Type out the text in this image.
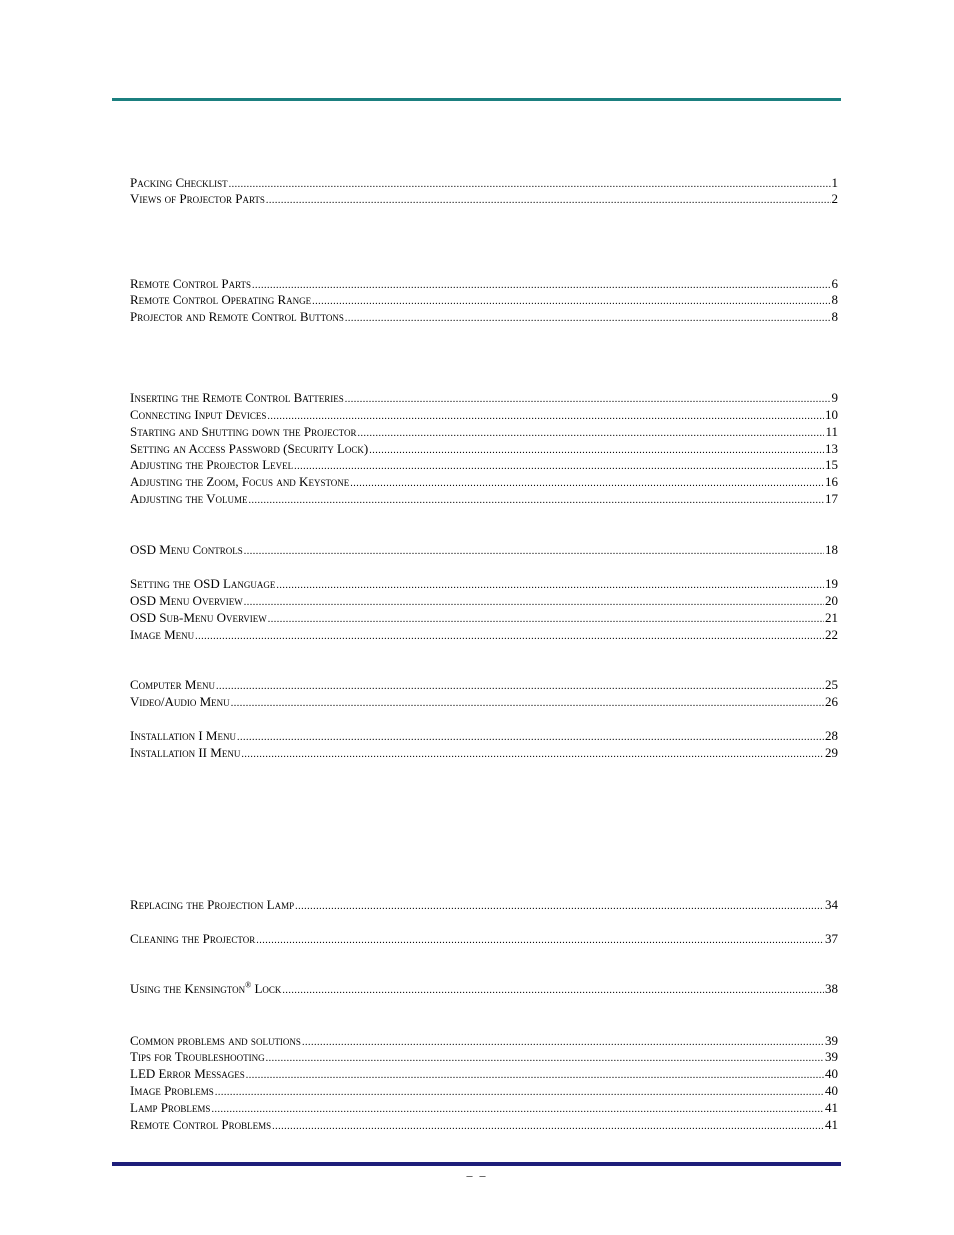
Packing Checklist .....	1
Views of Projector Parts .....	2
Remote Control Parts .....	6
Remote Control Operating Range .....	8
Projector and Remote Control Buttons .....	8
Inserting the Remote Control Batteries .....	9
Connecting Input Devices .....	10
Starting and Shutting down the Projector .....	11
Setting an Access Password (Security Lock) .....	13
Adjusting the Projector Level .....	15
Adjusting the Zoom, Focus and Keystone .....	16
Adjusting the Volume .....	17
OSD Menu Controls .....	18
Setting the OSD Language .....	19
OSD Menu Overview .....	20
OSD Sub-Menu Overview .....	21
Image Menu .....	22
Computer Menu .....	25
Video/Audio Menu .....	26
Installation I Menu .....	28
Installation II Menu .....	29
Replacing the Projection Lamp .....	34
Cleaning the Projector .....	37
Using the Kensington® Lock .....	38
Common problems and solutions .....	39
Tips for Troubleshooting .....	39
LED Error Messages .....	40
Image Problems .....	40
Lamp Problems .....	41
Remote Control Problems .....	41
– –
